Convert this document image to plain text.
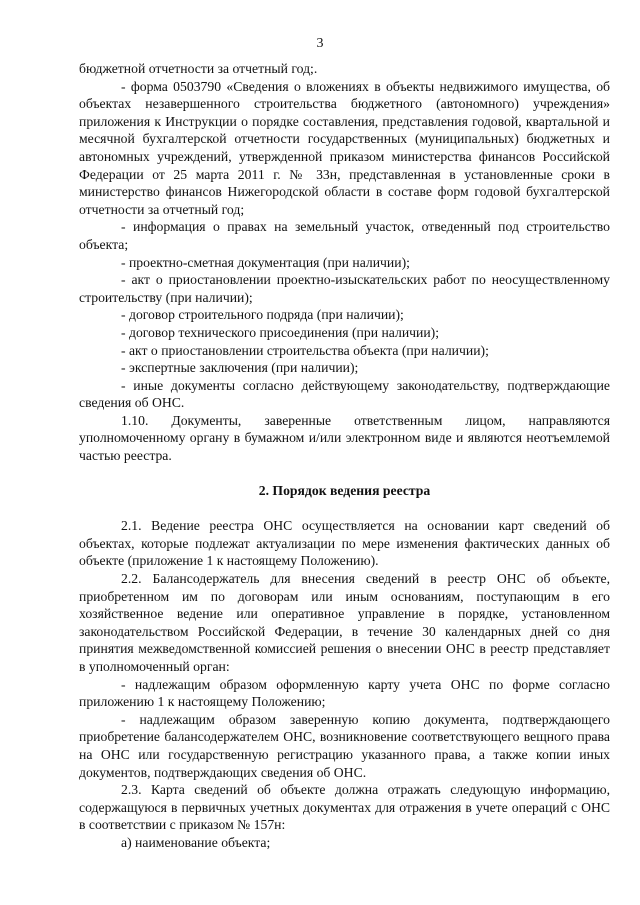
3

бюджетной отчетности за отчетный год;.

- форма 0503790 «Сведения о вложениях в объекты недвижимого имущества, об объектах незавершенного строительства бюджетного (автономного) учреждения» приложения к Инструкции о порядке составления, представления годовой, квартальной и месячной бухгалтерской отчетности государственных (муниципальных) бюджетных и автономных учреждений, утвержденной приказом министерства финансов Российской Федерации от 25 марта 2011 г. № 33н, представленная в установленные сроки в министерство финансов Нижегородской области в составе форм годовой бухгалтерской отчетности за отчетный год;

- информация о правах на земельный участок, отведенный под строительство объекта;

- проектно-сметная документация (при наличии);

- акт о приостановлении проектно-изыскательских работ по неосуществленному строительству (при наличии);

- договор строительного подряда (при наличии);

- договор технического присоединения (при наличии);

- акт о приостановлении строительства объекта (при наличии);

- экспертные заключения (при наличии);

- иные документы согласно действующему законодательству, подтверждающие сведения об ОНС.

1.10. Документы, заверенные ответственным лицом, направляются уполномоченному органу в бумажном и/или электронном виде и являются неотъемлемой частью реестра.

2. Порядок ведения реестра

2.1. Ведение реестра ОНС осуществляется на основании карт сведений об объектах, которые подлежат актуализации по мере изменения фактических данных об объекте (приложение 1 к настоящему Положению).

2.2. Балансодержатель для внесения сведений в реестр ОНС об объекте, приобретенном им по договорам или иным основаниям, поступающим в его хозяйственное ведение или оперативное управление в порядке, установленном законодательством Российской Федерации, в течение 30 календарных дней со дня принятия межведомственной комиссией решения о внесении ОНС в реестр представляет в уполномоченный орган:

- надлежащим образом оформленную карту учета ОНС по форме согласно приложению 1 к настоящему Положению;

- надлежащим образом заверенную копию документа, подтверждающего приобретение балансодержателем ОНС, возникновение соответствующего вещного права на ОНС или государственную регистрацию указанного права, а также копии иных документов, подтверждающих сведения об ОНС.

2.3. Карта сведений об объекте должна отражать следующую информацию, содержащуюся в первичных учетных документах для отражения в учете операций с ОНС в соответствии с приказом № 157н:

а) наименование объекта;
